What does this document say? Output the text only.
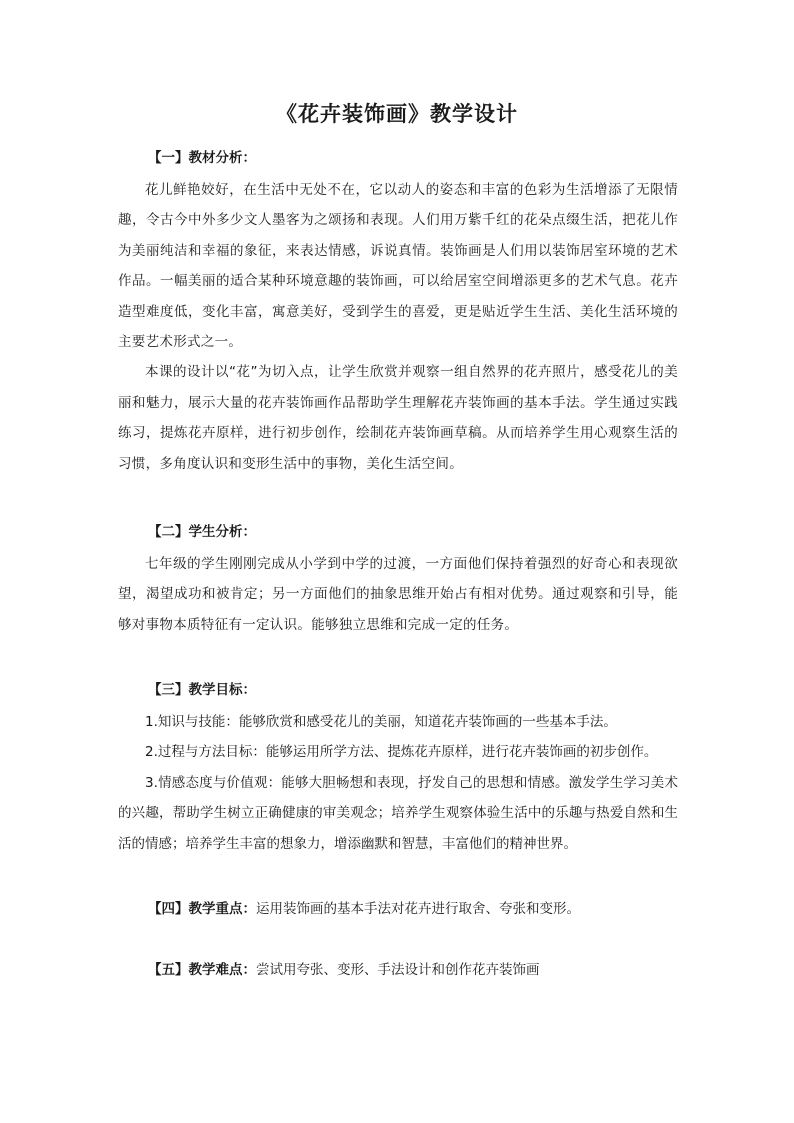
《花卉装饰画》教学设计

【一】教材分析：

花儿鲜艳姣好，在生活中无处不在，它以动人的姿态和丰富的色彩为生活增添了无限情趣，令古今中外多少文人墨客为之颂扬和表现。人们用万紫千红的花朵点缀生活，把花儿作为美丽纯洁和幸福的象征，来表达情感，诉说真情。装饰画是人们用以装饰居室环境的艺术作品。一幅美丽的适合某种环境意趣的装饰画，可以给居室空间增添更多的艺术气息。花卉造型难度低，变化丰富，寓意美好，受到学生的喜爱，更是贴近学生生活、美化生活环境的主要艺术形式之一。

本课的设计以“花”为切入点，让学生欣赏并观察一组自然界的花卉照片，感受花儿的美丽和魅力，展示大量的花卉装饰画作品帮助学生理解花卉装饰画的基本手法。学生通过实践练习，提炼花卉原样，进行初步创作，绘制花卉装饰画草稿。从而培养学生用心观察生活的习惯，多角度认识和变形生活中的事物，美化生活空间。

【二】学生分析：

七年级的学生刚刚完成从小学到中学的过渡，一方面他们保持着强烈的好奇心和表现欲望，渴望成功和被肯定；另一方面他们的抽象思维开始占有相对优势。通过观察和引导，能够对事物本质特征有一定认识。能够独立思维和完成一定的任务。

【三】教学目标：

1.知识与技能：能够欣赏和感受花儿的美丽，知道花卉装饰画的一些基本手法。

2.过程与方法目标：能够运用所学方法、提炼花卉原样，进行花卉装饰画的初步创作。

3.情感态度与价值观：能够大胆畅想和表现，抒发自己的思想和情感。激发学生学习美术的兴趣，帮助学生树立正确健康的审美观念；培养学生观察体验生活中的乐趣与热爱自然和生活的情感；培养学生丰富的想象力，增添幽默和智慧，丰富他们的精神世界。

【四】教学重点：运用装饰画的基本手法对花卉进行取舍、夸张和变形。

【五】教学难点：尝试用夸张、变形、手法设计和创作花卉装饰画
